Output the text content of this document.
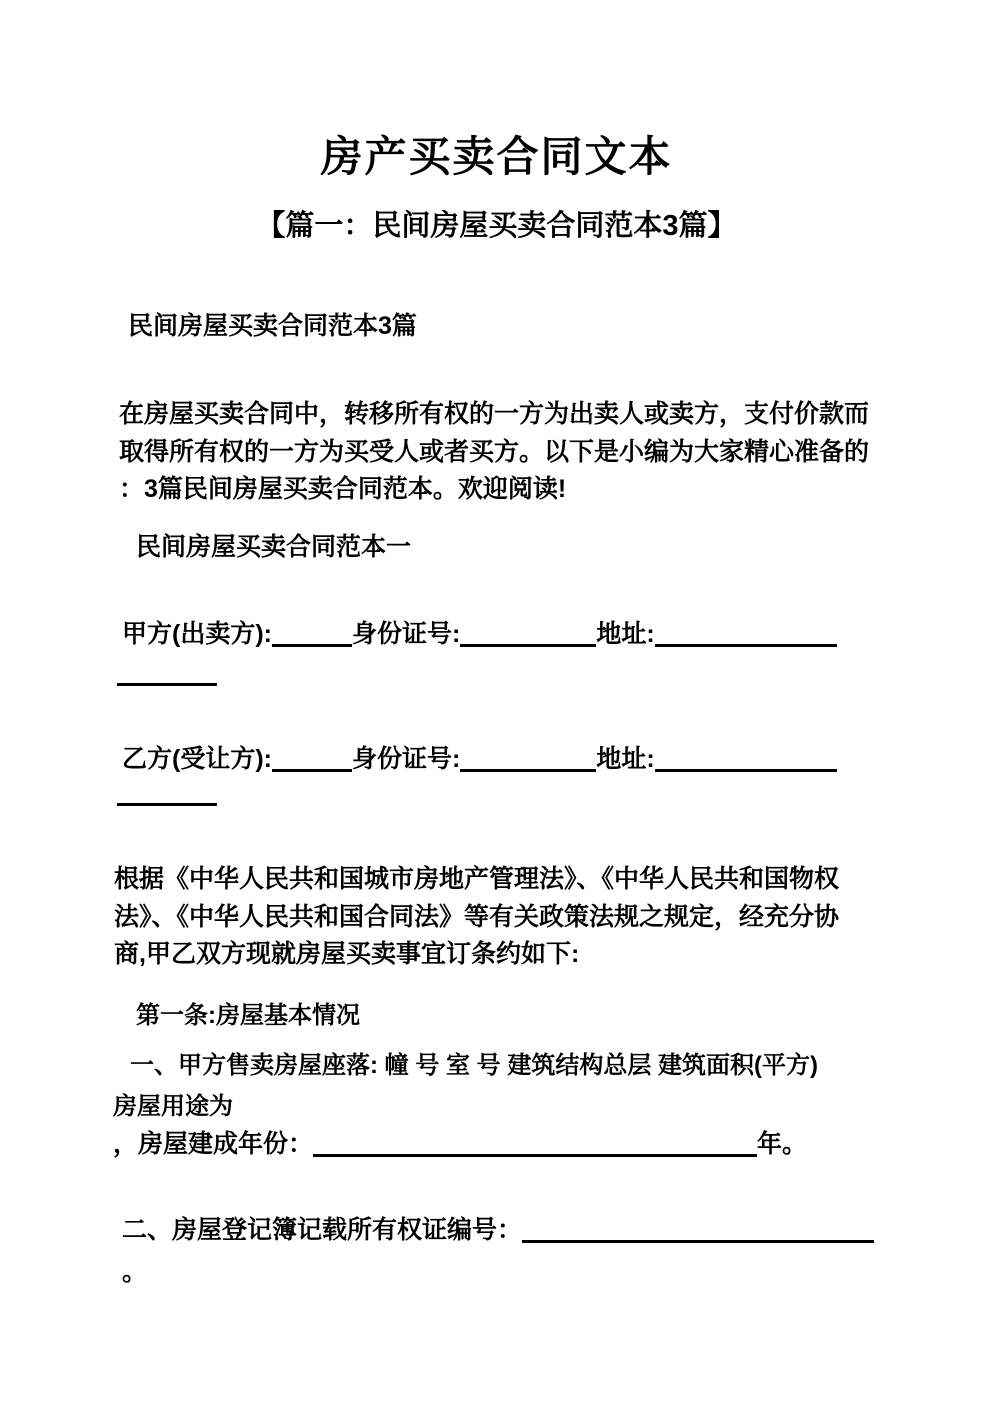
房产买卖合同文本
【篇一：民间房屋买卖合同范本3篇】
民间房屋买卖合同范本3篇
在房屋买卖合同中，转移所有权的一方为出卖人或卖方，支付价款而
取得所有权的一方为买受人或者买方。以下是小编为大家精心准备的
：3篇民间房屋买卖合同范本。欢迎阅读!
民间房屋买卖合同范本一
甲方(出卖方):	身份证号:	地址:
乙方(受让方):	身份证号:	地址:
根据《中华人民共和国城市房地产管理法》、《中华人民共和国物权
法》、《中华人民共和国合同法》等有关政策法规之规定，经充分协
商,甲乙双方现就房屋买卖事宜订条约如下:
第一条:房屋基本情况
一、甲方售卖房屋座落: 幢 号 室 号 建筑结构总层 建筑面积(平方)
房屋用途为
，房屋建成年份：	年。
二、房屋登记簿记载所有权证编号：
。
